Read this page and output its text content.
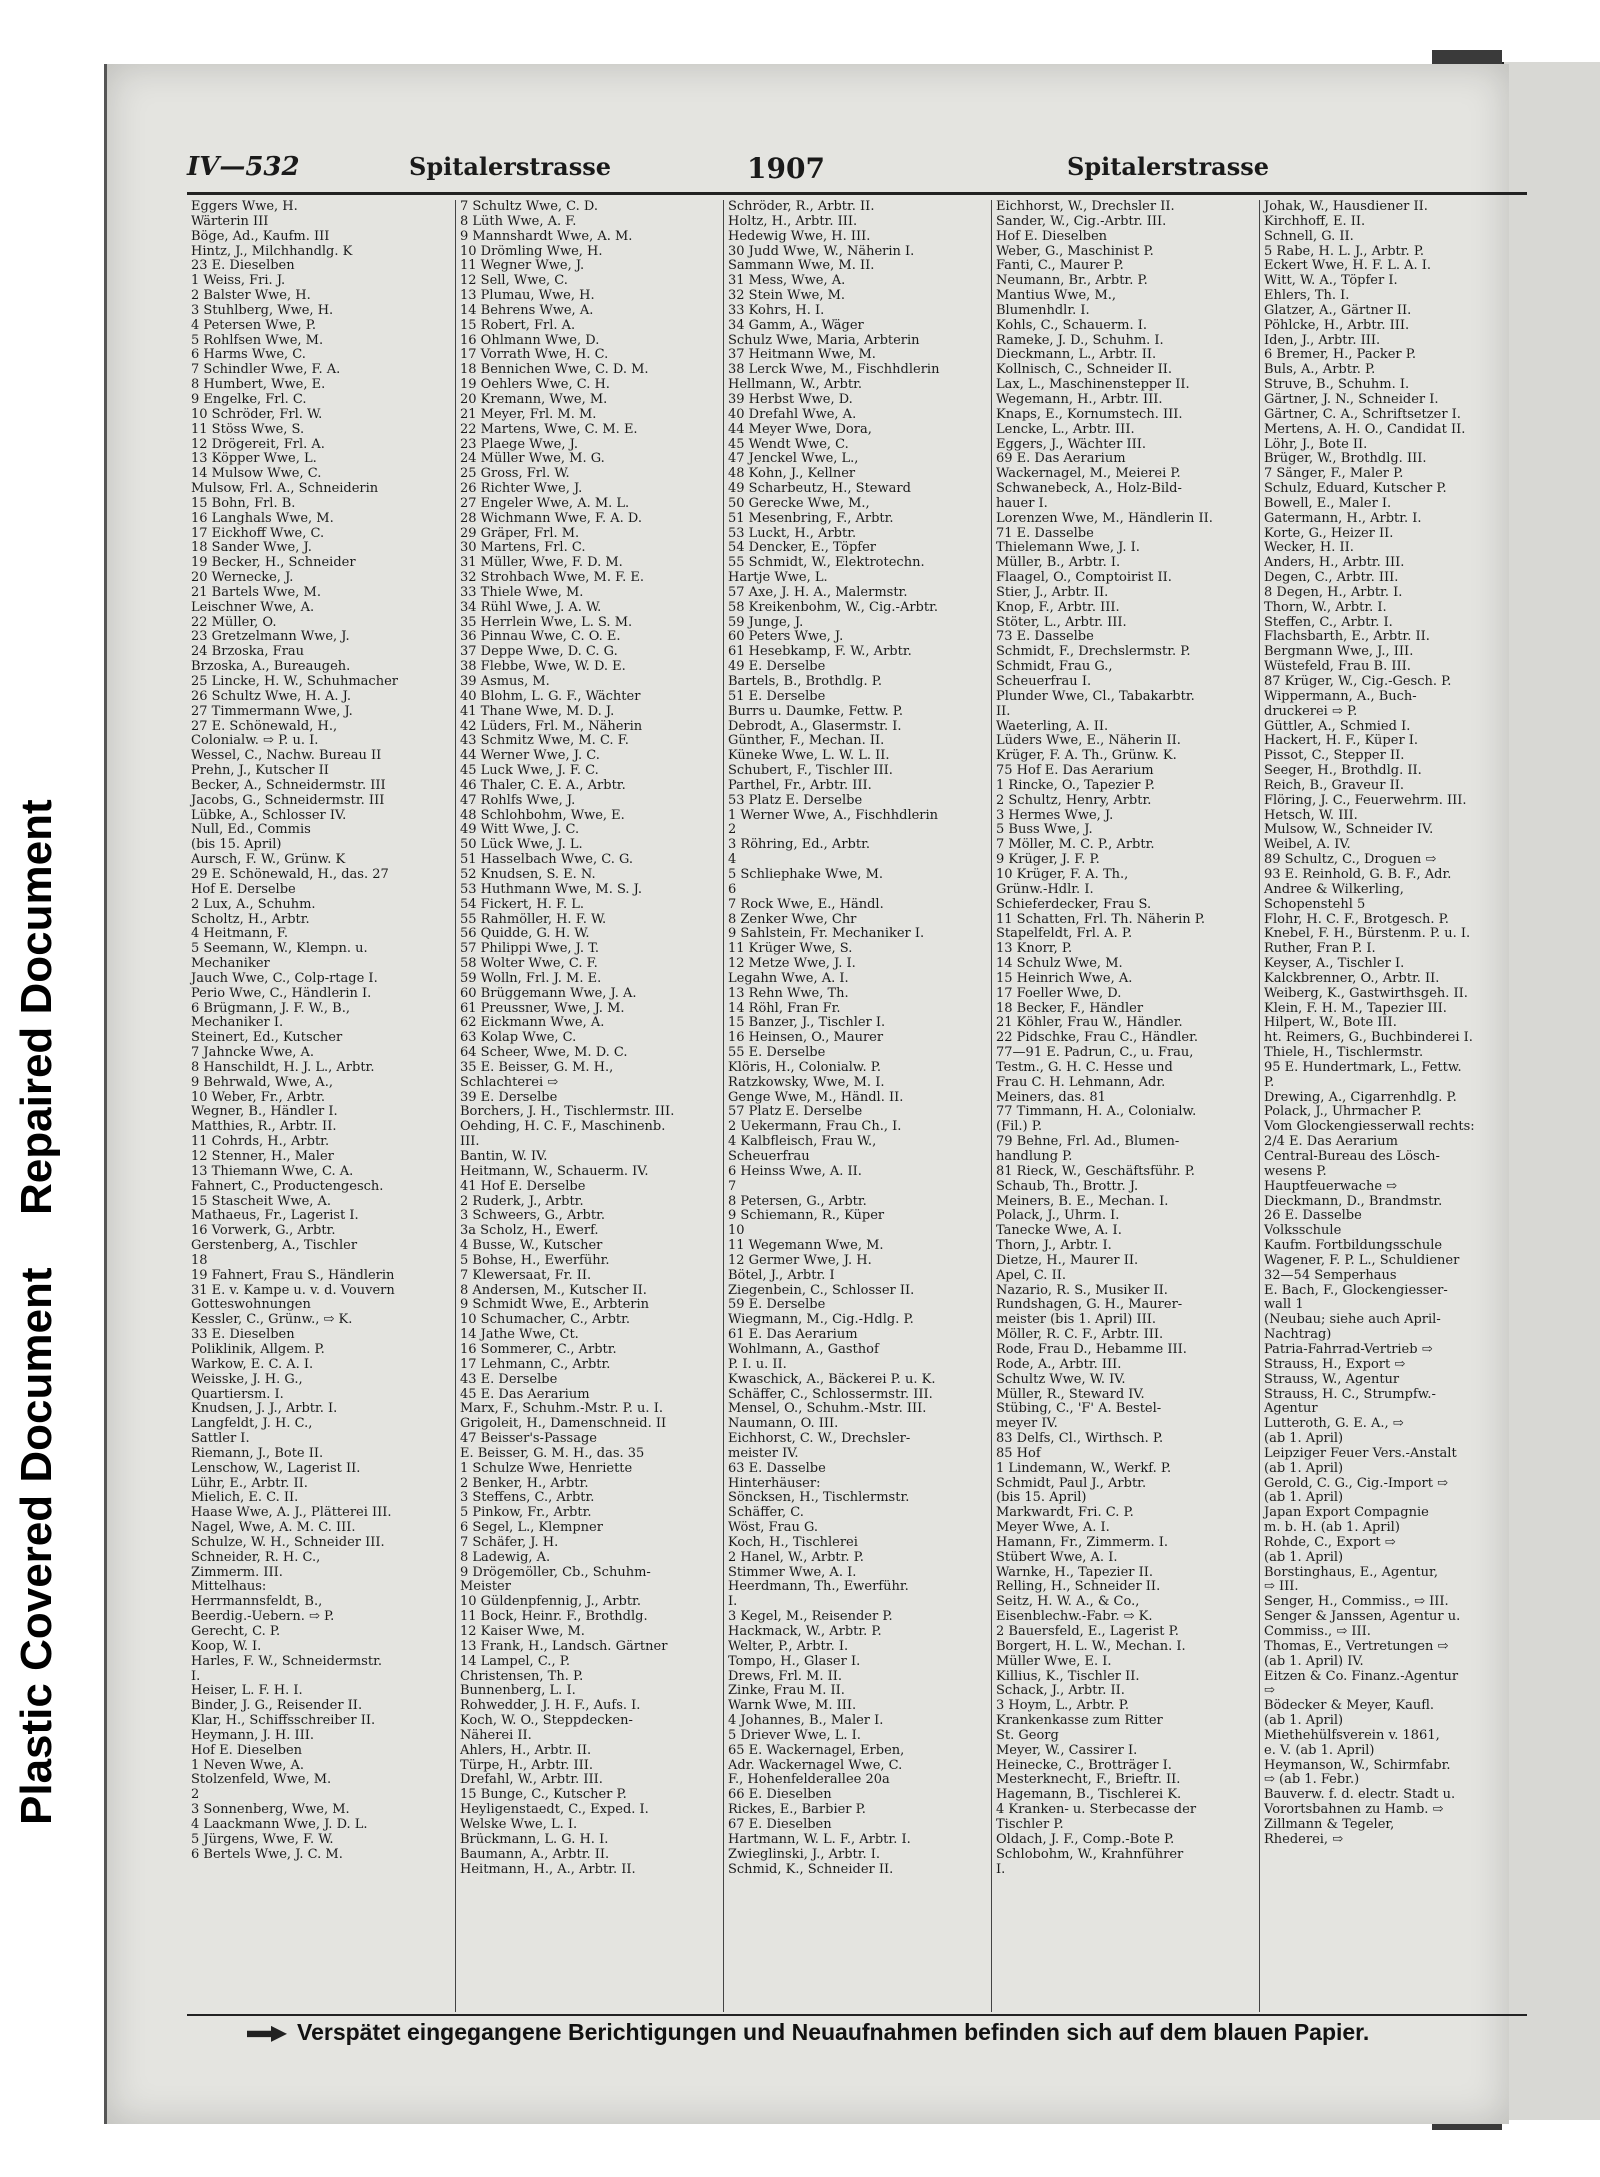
Repaired Document
Plastic Covered Document
IV—532	Spitalerstrasse	1907	Spitalerstrasse
Eggers Wwe, H.
Wärterin III
Böge, Ad., Kaufm. III
Hintz, J., Milchhandlg. K
23 E. Dieselben
1 Weiss, Fri. J.
2 Balster Wwe, H.
3 Stuhlberg, Wwe, H.
4 Petersen Wwe, P.
5 Rohlfsen Wwe, M.
6 Harms Wwe, C.
7 Schindler Wwe, F. A.
8 Humbert, Wwe, E.
9 Engelke, Frl. C.
10 Schröder, Frl. W.
11 Stöss Wwe, S.
12 Drögereit, Frl. A.
13 Köpper Wwe, L.
14 Mulsow Wwe, C.
Mulsow, Frl. A., Schneiderin
15 Bohn, Frl. B.
16 Langhals Wwe, M.
17 Eickhoff Wwe, C.
18 Sander Wwe, J.
19 Becker, H., Schneider
20 Wernecke, J.
21 Bartels Wwe, M.
Leischner Wwe, A.
22 Müller, O.
23 Gretzelmann Wwe, J.
24 Brzoska, Frau
Brzoska, A., Bureaugeh.
25 Lincke, H. W., Schuhmacher
26 Schultz Wwe, H. A. J.
27 Timmermann Wwe, J.
27 E. Schönewald, H.,
Colonialw. ⇨ P. u. I.
Wessel, C., Nachw. Bureau II
Prehn, J., Kutscher II
Becker, A., Schneidermstr. III
Jacobs, G., Schneidermstr. III
Lübke, A., Schlosser IV.
Null, Ed., Commis
(bis 15. April)
Aursch, F. W., Grünw. K
29 E. Schönewald, H., das. 27
Hof E. Derselbe
2 Lux, A., Schuhm.
Scholtz, H., Arbtr.
4 Heitmann, F.
5 Seemann, W., Klempn. u.
Mechaniker
Jauch Wwe, C., Colp-rtage I.
Perio Wwe, C., Händlerin I.
6 Brügmann, J. F. W., B.,
Mechaniker I.
Steinert, Ed., Kutscher
7 Jahncke Wwe, A.
8 Hanschildt, H. J. L., Arbtr.
9 Behrwald, Wwe, A.,
10 Weber, Fr., Arbtr.
Wegner, B., Händler I.
Matthies, R., Arbtr. II.
11 Cohrds, H., Arbtr.
12 Stenner, H., Maler
13 Thiemann Wwe, C. A.
Fahnert, C., Productengesch.
15 Stascheit Wwe, A.
Mathaeus, Fr., Lagerist I.
16 Vorwerk, G., Arbtr.
Gerstenberg, A., Tischler
18
19 Fahnert, Frau S., Händlerin
31 E. v. Kampe u. v. d. Vouvern
Gotteswohnungen
Kessler, C., Grünw., ⇨ K.
33 E. Dieselben
Poliklinik, Allgem. P.
Warkow, E. C. A. I.
Weisske, J. H. G.,
Quartiersm. I.
Knudsen, J. J., Arbtr. I.
Langfeldt, J. H. C.,
Sattler I.
Riemann, J., Bote II.
Lenschow, W., Lagerist II.
Lühr, E., Arbtr. II.
Mielich, E. C. II.
Haase Wwe, A. J., Plätterei III.
Nagel, Wwe, A. M. C. III.
Schulze, W. H., Schneider III.
Schneider, R. H. C.,
Zimmerm. III.
Mittelhaus:
Herrmannsfeldt, B.,
Beerdig.-Uebern. ⇨ P.
Gerecht, C. P.
Koop, W. I.
Harles, F. W., Schneidermstr.
I.
Heiser, L. F. H. I.
Binder, J. G., Reisender II.
Klar, H., Schiffsschreiber II.
Heymann, J. H. III.
Hof E. Dieselben
1 Neven Wwe, A.
Stolzenfeld, Wwe, M.
2
3 Sonnenberg, Wwe, M.
4 Laackmann Wwe, J. D. L.
5 Jürgens, Wwe, F. W.
6 Bertels Wwe, J. C. M.
7 Schultz Wwe, C. D.
8 Lüth Wwe, A. F.
9 Mannshardt Wwe, A. M.
10 Drömling Wwe, H.
11 Wegner Wwe, J.
12 Sell, Wwe, C.
13 Plumau, Wwe, H.
14 Behrens Wwe, A.
15 Robert, Frl. A.
16 Ohlmann Wwe, D.
17 Vorrath Wwe, H. C.
18 Bennichen Wwe, C. D. M.
19 Oehlers Wwe, C. H.
20 Kremann, Wwe, M.
21 Meyer, Frl. M. M.
22 Martens, Wwe, C. M. E.
23 Plaege Wwe, J.
24 Müller Wwe, M. G.
25 Gross, Frl. W.
26 Richter Wwe, J.
27 Engeler Wwe, A. M. L.
28 Wichmann Wwe, F. A. D.
29 Gräper, Frl. M.
30 Martens, Frl. C.
31 Müller, Wwe, F. D. M.
32 Strohbach Wwe, M. F. E.
33 Thiele Wwe, M.
34 Rühl Wwe, J. A. W.
35 Herrlein Wwe, L. S. M.
36 Pinnau Wwe, C. O. E.
37 Deppe Wwe, D. C. G.
38 Flebbe, Wwe, W. D. E.
39 Asmus, M.
40 Blohm, L. G. F., Wächter
41 Thane Wwe, M. D. J.
42 Lüders, Frl. M., Näherin
43 Schmitz Wwe, M. C. F.
44 Werner Wwe, J. C.
45 Luck Wwe, J. F. C.
46 Thaler, C. E. A., Arbtr.
47 Rohlfs Wwe, J.
48 Schlohbohm, Wwe, E.
49 Witt Wwe, J. C.
50 Lück Wwe, J. L.
51 Hasselbach Wwe, C. G.
52 Knudsen, S. E. N.
53 Huthmann Wwe, M. S. J.
54 Fickert, H. F. L.
55 Rahmöller, H. F. W.
56 Quidde, G. H. W.
57 Philippi Wwe, J. T.
58 Wolter Wwe, C. F.
59 Wolln, Frl. J. M. E.
60 Brüggemann Wwe, J. A.
61 Preussner, Wwe, J. M.
62 Eickmann Wwe, A.
63 Kolap Wwe, C.
64 Scheer, Wwe, M. D. C.
35 E. Beisser, G. M. H.,
Schlachterei ⇨
39 E. Derselbe
Borchers, J. H., Tischlermstr. III.
Oehding, H. C. F., Maschinenb.
III.
Bantin, W. IV.
Heitmann, W., Schauerm. IV.
41 Hof E. Derselbe
2 Ruderk, J., Arbtr.
3 Schweers, G., Arbtr.
3a Scholz, H., Ewerf.
4 Busse, W., Kutscher
5 Bohse, H., Ewerführ.
7 Klewersaat, Fr. II.
8 Andersen, M., Kutscher II.
9 Schmidt Wwe, E., Arbterin
10 Schumacher, C., Arbtr.
14 Jathe Wwe, Ct.
16 Sommerer, C., Arbtr.
17 Lehmann, C., Arbtr.
43 E. Derselbe
45 E. Das Aerarium
Marx, F., Schuhm.-Mstr. P. u. I.
Grigoleit, H., Damenschneid. II
47 Beisser's-Passage
E. Beisser, G. M. H., das. 35
1 Schulze Wwe, Henriette
2 Benker, H., Arbtr.
3 Steffens, C., Arbtr.
5 Pinkow, Fr., Arbtr.
6 Segel, L., Klempner
7 Schäfer, J. H.
8 Ladewig, A.
9 Drögemöller, Cb., Schuhm-
Meister
10 Güldenpfennig, J., Arbtr.
11 Bock, Heinr. F., Brothdlg.
12 Kaiser Wwe, M.
13 Frank, H., Landsch. Gärtner
14 Lampel, C., P.
Christensen, Th. P.
Bunnenberg, L. I.
Rohwedder, J. H. F., Aufs. I.
Koch, W. O., Steppdecken-
Näherei II.
Ahlers, H., Arbtr. II.
Türpe, H., Arbtr. III.
Drefahl, W., Arbtr. III.
15 Bunge, C., Kutscher P.
Heyligenstaedt, C., Exped. I.
Welske Wwe, L. I.
Brückmann, L. G. H. I.
Baumann, A., Arbtr. II.
Heitmann, H., A., Arbtr. II.
Schröder, R., Arbtr. II.
Holtz, H., Arbtr. III.
Hedewig Wwe, H. III.
30 Judd Wwe, W., Näherin I.
Sammann Wwe, M. II.
31 Mess, Wwe, A.
32 Stein Wwe, M.
33 Kohrs, H. I.
34 Gamm, A., Wäger
Schulz Wwe, Maria, Arbterin
37 Heitmann Wwe, M.
38 Lerck Wwe, M., Fischhdlerin
Hellmann, W., Arbtr.
39 Herbst Wwe, D.
40 Drefahl Wwe, A.
44 Meyer Wwe, Dora,
45 Wendt Wwe, C.
47 Jenckel Wwe, L.,
48 Kohn, J., Kellner
49 Scharbeutz, H., Steward
50 Gerecke Wwe, M.,
51 Mesenbring, F., Arbtr.
53 Luckt, H., Arbtr.
54 Dencker, E., Töpfer
55 Schmidt, W., Elektrotechn.
Hartje Wwe, L.
57 Axe, J. H. A., Malermstr.
58 Kreikenbohm, W., Cig.-Arbtr.
59 Junge, J.
60 Peters Wwe, J.
61 Hesebkamp, F. W., Arbtr.
49 E. Derselbe
Bartels, B., Brothdlg. P.
51 E. Derselbe
Burrs u. Daumke, Fettw. P.
Debrodt, A., Glasermstr. I.
Günther, F., Mechan. II.
Küneke Wwe, L. W. L. II.
Schubert, F., Tischler III.
Parthel, Fr., Arbtr. III.
53 Platz E. Derselbe
1 Werner Wwe, A., Fischhdlerin
2
3 Röhring, Ed., Arbtr.
4
5 Schliephake Wwe, M.
6
7 Rock Wwe, E., Händl.
8 Zenker Wwe, Chr
9 Sahlstein, Fr. Mechaniker I.
11 Krüger Wwe, S.
12 Metze Wwe, J. I.
Legahn Wwe, A. I.
13 Rehn Wwe, Th.
14 Röhl, Fran Fr.
15 Banzer, J., Tischler I.
16 Heinsen, O., Maurer
55 E. Derselbe
Klöris, H., Colonialw. P.
Ratzkowsky, Wwe, M. I.
Genge Wwe, M., Händl. II.
57 Platz E. Derselbe
2 Uekermann, Frau Ch., I.
4 Kalbfleisch, Frau W.,
Scheuerfrau
6 Heinss Wwe, A. II.
7
8 Petersen, G., Arbtr.
9 Schiemann, R., Küper
10
11 Wegemann Wwe, M.
12 Germer Wwe, J. H.
Bötel, J., Arbtr. I
Ziegenbein, C., Schlosser II.
59 E. Derselbe
Wiegmann, M., Cig.-Hdlg. P.
61 E. Das Aerarium
Wohlmann, A., Gasthof
P. I. u. II.
Kwaschick, A., Bäckerei P. u. K.
Schäffer, C., Schlossermstr. III.
Mensel, O., Schuhm.-Mstr. III.
Naumann, O. III.
Eichhorst, C. W., Drechsler-
meister IV.
63 E. Dasselbe
Hinterhäuser:
Söncksen, H., Tischlermstr.
Schäffer, C.
Wöst, Frau G.
Koch, H., Tischlerei
2 Hanel, W., Arbtr. P.
Stimmer Wwe, A. I.
Heerdmann, Th., Ewerführ.
I.
3 Kegel, M., Reisender P.
Hackmack, W., Arbtr. P.
Welter, P., Arbtr. I.
Tompo, H., Glaser I.
Drews, Frl. M. II.
Zinke, Frau M. II.
Warnk Wwe, M. III.
4 Johannes, B., Maler I.
5 Driever Wwe, L. I.
65 E. Wackernagel, Erben,
Adr. Wackernagel Wwe, C.
F., Hohenfelderallee 20a
66 E. Dieselben
Rickes, E., Barbier P.
67 E. Dieselben
Hartmann, W. L. F., Arbtr. I.
Zwieglinski, J., Arbtr. I.
Schmid, K., Schneider II.
Eichhorst, W., Drechsler II.
Sander, W., Cig.-Arbtr. III.
Hof E. Dieselben
Weber, G., Maschinist P.
Fanti, C., Maurer P.
Neumann, Br., Arbtr. P.
Mantius Wwe, M.,
Blumenhdlr. I.
Kohls, C., Schauerm. I.
Rameke, J. D., Schuhm. I.
Dieckmann, L., Arbtr. II.
Kollnisch, C., Schneider II.
Lax, L., Maschinenstepper II.
Wegemann, H., Arbtr. III.
Knaps, E., Kornumstech. III.
Lencke, L., Arbtr. III.
Eggers, J., Wächter III.
69 E. Das Aerarium
Wackernagel, M., Meierei P.
Schwanebeck, A., Holz-Bild-
hauer I.
Lorenzen Wwe, M., Händlerin II.
71 E. Dasselbe
Thielemann Wwe, J. I.
Müller, B., Arbtr. I.
Flaagel, O., Comptoirist II.
Stier, J., Arbtr. II.
Knop, F., Arbtr. III.
Stöter, L., Arbtr. III.
73 E. Dasselbe
Schmidt, F., Drechslermstr. P.
Schmidt, Frau G.,
Scheuerfrau I.
Plunder Wwe, Cl., Tabakarbtr.
II.
Waeterling, A. II.
Lüders Wwe, E., Näherin II.
Krüger, F. A. Th., Grünw. K.
75 Hof E. Das Aerarium
1 Rincke, O., Tapezier P.
2 Schultz, Henry, Arbtr.
3 Hermes Wwe, J.
5 Buss Wwe, J.
7 Möller, M. C. P., Arbtr.
9 Krüger, J. F. P.
10 Krüger, F. A. Th.,
Grünw.-Hdlr. I.
Schieferdecker, Frau S.
11 Schatten, Frl. Th. Näherin P.
Stapelfeldt, Frl. A. P.
13 Knorr, P.
14 Schulz Wwe, M.
15 Heinrich Wwe, A.
17 Foeller Wwe, D.
18 Becker, F., Händler
21 Köhler, Frau W., Händler.
22 Pidschke, Frau C., Händler.
77—91 E. Padrun, C., u. Frau,
Testm., G. H. C. Hesse und
Frau C. H. Lehmann, Adr.
Meiners, das. 81
77 Timmann, H. A., Colonialw.
(Fil.) P.
79 Behne, Frl. Ad., Blumen-
handlung P.
81 Rieck, W., Geschäftsführ. P.
Schaub, Th., Brottr. J.
Meiners, B. E., Mechan. I.
Polack, J., Uhrm. I.
Tanecke Wwe, A. I.
Thorn, J., Arbtr. I.
Dietze, H., Maurer II.
Apel, C. II.
Nazario, R. S., Musiker II.
Rundshagen, G. H., Maurer-
meister (bis 1. April) III.
Möller, R. C. F., Arbtr. III.
Rode, Frau D., Hebamme III.
Rode, A., Arbtr. III.
Schultz Wwe, W. IV.
Müller, R., Steward IV.
Stübing, C., 'F' A. Bestel-
meyer IV.
83 Delfs, Cl., Wirthsch. P.
85 Hof
1 Lindemann, W., Werkf. P.
Schmidt, Paul J., Arbtr.
(bis 15. April)
Markwardt, Fri. C. P.
Meyer Wwe, A. I.
Hamann, Fr., Zimmerm. I.
Stübert Wwe, A. I.
Warnke, H., Tapezier II.
Relling, H., Schneider II.
Seitz, H. W. A., & Co.,
Eisenblechw.-Fabr. ⇨ K.
2 Bauersfeld, E., Lagerist P.
Borgert, H. L. W., Mechan. I.
Müller Wwe, E. I.
Killius, K., Tischler II.
Schack, J., Arbtr. II.
3 Hoym, L., Arbtr. P.
Krankenkasse zum Ritter
St. Georg
Meyer, W., Cassirer I.
Heinecke, C., Brotträger I.
Mesterknecht, F., Brieftr. II.
Hagemann, B., Tischlerei K.
4 Kranken- u. Sterbecasse der
Tischler P.
Oldach, J. F., Comp.-Bote P.
Schlobohm, W., Krahnführer
I.
Johak, W., Hausdiener II.
Kirchhoff, E. II.
Schnell, G. II.
5 Rabe, H. L. J., Arbtr. P.
Eckert Wwe, H. F. L. A. I.
Witt, W. A., Töpfer I.
Ehlers, Th. I.
Glatzer, A., Gärtner II.
Pöhlcke, H., Arbtr. III.
Iden, J., Arbtr. III.
6 Bremer, H., Packer P.
Buls, A., Arbtr. P.
Struve, B., Schuhm. I.
Gärtner, J. N., Schneider I.
Gärtner, C. A., Schriftsetzer I.
Mertens, A. H. O., Candidat II.
Löhr, J., Bote II.
Brüger, W., Brothdlg. III.
7 Sänger, F., Maler P.
Schulz, Eduard, Kutscher P.
Bowell, E., Maler I.
Gatermann, H., Arbtr. I.
Korte, G., Heizer II.
Wecker, H. II.
Anders, H., Arbtr. III.
Degen, C., Arbtr. III.
8 Degen, H., Arbtr. I.
Thorn, W., Arbtr. I.
Steffen, C., Arbtr. I.
Flachsbarth, E., Arbtr. II.
Bergmann Wwe, J., III.
Wüstefeld, Frau B. III.
87 Krüger, W., Cig.-Gesch. P.
Wippermann, A., Buch-
druckerei ⇨ P.
Güttler, A., Schmied I.
Hackert, H. F., Küper I.
Pissot, C., Stepper II.
Seeger, H., Brothdlg. II.
Reich, B., Graveur II.
Flöring, J. C., Feuerwehrm. III.
Hetsch, W. III.
Mulsow, W., Schneider IV.
Weibel, A. IV.
89 Schultz, C., Droguen ⇨
93 E. Reinhold, G. B. F., Adr.
Andree & Wilkerling,
Schopenstehl 5
Flohr, H. C. F., Brotgesch. P.
Knebel, F. H., Bürstenm. P. u. I.
Ruther, Fran P. I.
Keyser, A., Tischler I.
Kalckbrenner, O., Arbtr. II.
Weiberg, K., Gastwirthsgeh. II.
Klein, F. H. M., Tapezier III.
Hilpert, W., Bote III.
ht. Reimers, G., Buchbinderei I.
Thiele, H., Tischlermstr.
95 E. Hundertmark, L., Fettw.
P.
Drewing, A., Cigarrenhdlg. P.
Polack, J., Uhrmacher P.
Vom Glockengiesserwall rechts:
2/4 E. Das Aerarium
Central-Bureau des Lösch-
wesens P.
Hauptfeuerwache ⇨
Dieckmann, D., Brandmstr.
26 E. Dasselbe
Volksschule
Kaufm. Fortbildungsschule
Wagener, F. P. L., Schuldiener
32—54 Semperhaus
E. Bach, F., Glockengiesser-
wall 1
(Neubau; siehe auch April-
Nachtrag)
Patria-Fahrrad-Vertrieb ⇨
Strauss, H., Export ⇨
Strauss, W., Agentur
Strauss, H. C., Strumpfw.-
Agentur
Lutteroth, G. E. A., ⇨
(ab 1. April)
Leipziger Feuer Vers.-Anstalt
(ab 1. April)
Gerold, C. G., Cig.-Import ⇨
(ab 1. April)
Japan Export Compagnie
m. b. H. (ab 1. April)
Rohde, C., Export ⇨
(ab 1. April)
Borstinghaus, E., Agentur,
⇨ III.
Senger, H., Commiss., ⇨ III.
Senger & Janssen, Agentur u.
Commiss., ⇨ III.
Thomas, E., Vertretungen ⇨
(ab 1. April) IV.
Eitzen & Co. Finanz.-Agentur
⇨
Bödecker & Meyer, Kaufl.
(ab 1. April)
Miethehülfsverein v. 1861,
e. V. (ab 1. April)
Heymanson, W., Schirmfabr.
⇨ (ab 1. Febr.)
Bauverw. f. d. electr. Stadt u.
Vorortsbahnen zu Hamb. ⇨
Zillmann & Tegeler,
Rhederei, ⇨
Verspätet eingegangene Berichtigungen und Neuaufnahmen befinden sich auf dem blauen Papier.
